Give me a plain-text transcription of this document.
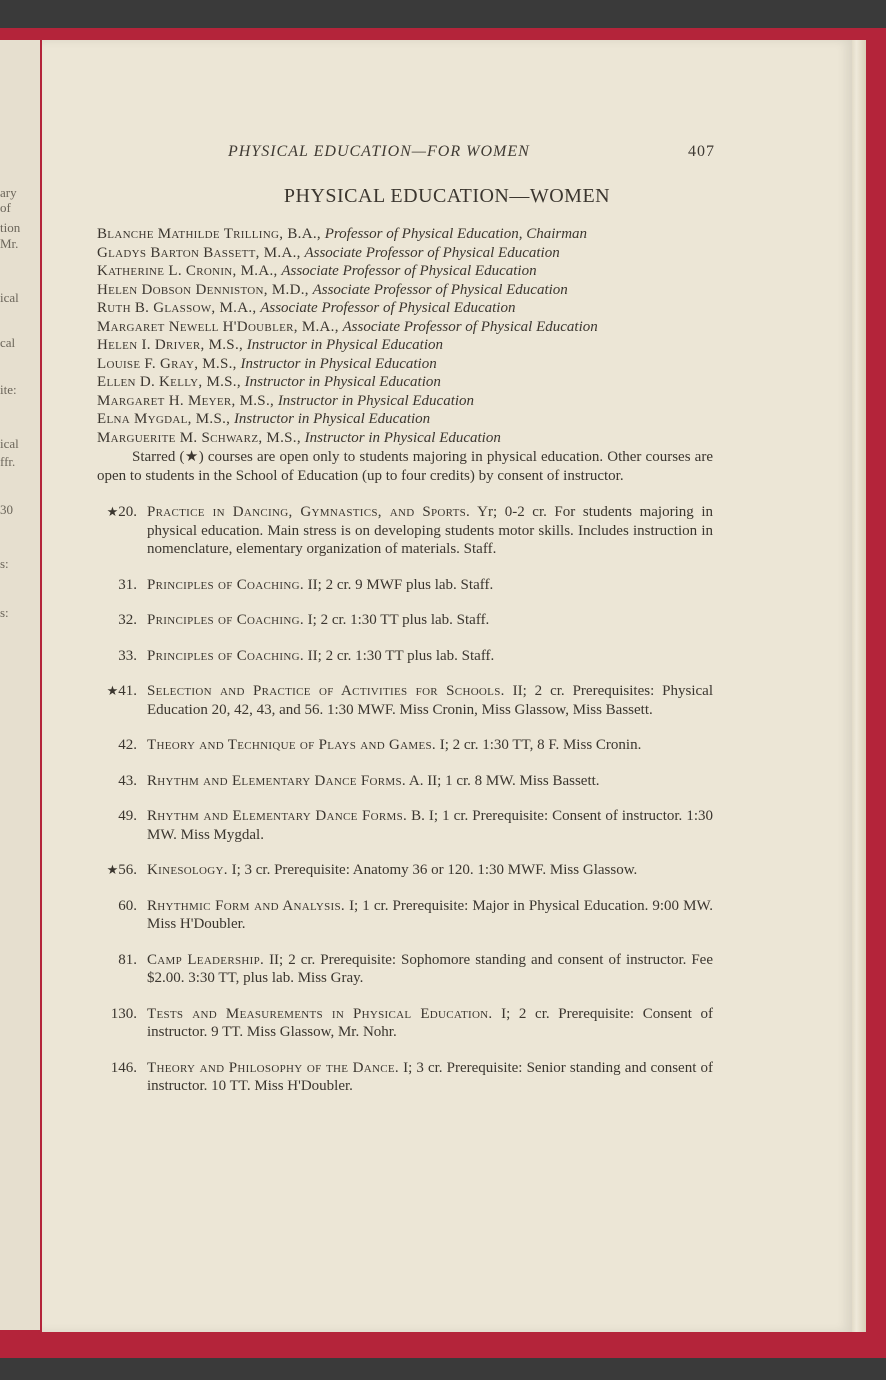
ary
of
tion
Mr.
ical
cal
ite:
ical
ffr.
30
s:
s:
PHYSICAL EDUCATION—FOR WOMEN	407
PHYSICAL EDUCATION—WOMEN
Blanche Mathilde Trilling, B.A., Professor of Physical Education, Chairman
Gladys Barton Bassett, M.A., Associate Professor of Physical Education
Katherine L. Cronin, M.A., Associate Professor of Physical Education
Helen Dobson Denniston, M.D., Associate Professor of Physical Education
Ruth B. Glassow, M.A., Associate Professor of Physical Education
Margaret Newell H'Doubler, M.A., Associate Professor of Physical Education
Helen I. Driver, M.S., Instructor in Physical Education
Louise F. Gray, M.S., Instructor in Physical Education
Ellen D. Kelly, M.S., Instructor in Physical Education
Margaret H. Meyer, M.S., Instructor in Physical Education
Elna Mygdal, M.S., Instructor in Physical Education
Marguerite M. Schwarz, M.S., Instructor in Physical Education
Starred (★) courses are open only to students majoring in physical education. Other courses are open to students in the School of Education (up to four credits) by consent of instructor.
★20. Practice in Dancing, Gymnastics, and Sports. Yr; 0-2 cr. For students majoring in physical education. Main stress is on developing students motor skills. Includes instruction in nomenclature, elementary organization of materials. Staff.
31. Principles of Coaching. II; 2 cr. 9 MWF plus lab. Staff.
32. Principles of Coaching. I; 2 cr. 1:30 TT plus lab. Staff.
33. Principles of Coaching. II; 2 cr. 1:30 TT plus lab. Staff.
★41. Selection and Practice of Activities for Schools. II; 2 cr. Prerequisites: Physical Education 20, 42, 43, and 56. 1:30 MWF. Miss Cronin, Miss Glassow, Miss Bassett.
42. Theory and Technique of Plays and Games. I; 2 cr. 1:30 TT, 8 F. Miss Cronin.
43. Rhythm and Elementary Dance Forms. A. II; 1 cr. 8 MW. Miss Bassett.
49. Rhythm and Elementary Dance Forms. B. I; 1 cr. Prerequisite: Consent of instructor. 1:30 MW. Miss Mygdal.
★56. Kinesology. I; 3 cr. Prerequisite: Anatomy 36 or 120. 1:30 MWF. Miss Glassow.
60. Rhythmic Form and Analysis. I; 1 cr. Prerequisite: Major in Physical Education. 9:00 MW. Miss H'Doubler.
81. Camp Leadership. II; 2 cr. Prerequisite: Sophomore standing and consent of instructor. Fee $2.00. 3:30 TT, plus lab. Miss Gray.
130. Tests and Measurements in Physical Education. I; 2 cr. Prerequisite: Consent of instructor. 9 TT. Miss Glassow, Mr. Nohr.
146. Theory and Philosophy of the Dance. I; 3 cr. Prerequisite: Senior standing and consent of instructor. 10 TT. Miss H'Doubler.
